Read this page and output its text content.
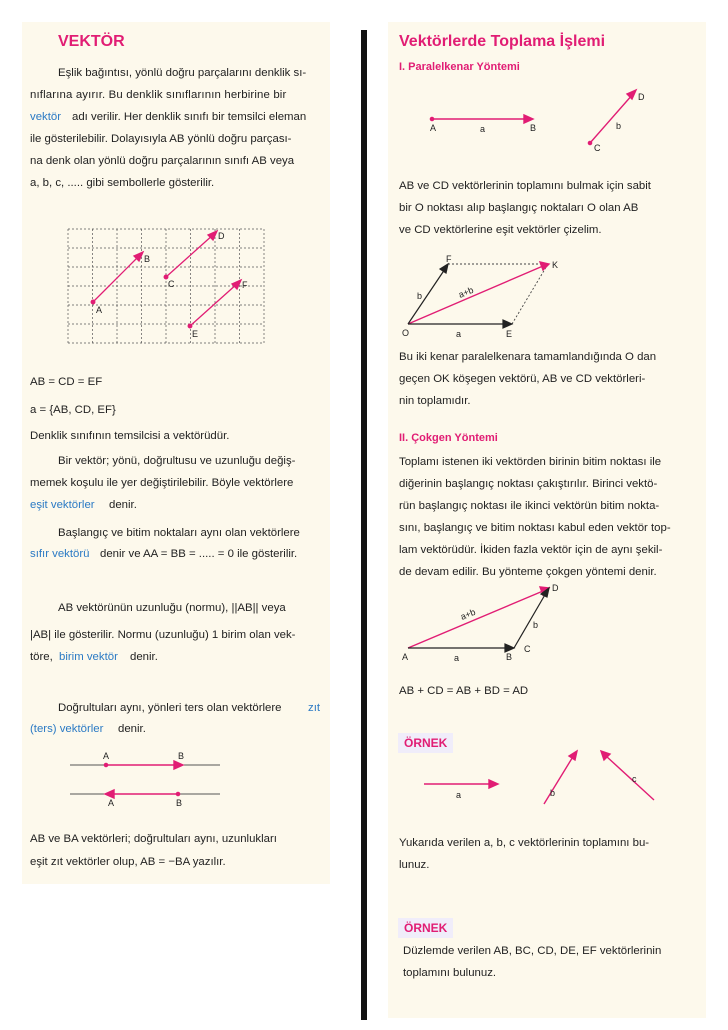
VEKTÖR
Eşlik bağıntısı, yönlü doğru parçalarını denklik sı-
nıflarına ayırır. Bu denklik sınıflarının herbirine bir
vektör adı verilir. Her denklik sınıfı bir temsilci eleman
ile gösterilebilir. Dolayısıyla AB yönlü doğru parçası-
na denk olan yönlü doğru parçalarının sınıfı AB veya
a, b, c, ..... gibi sembollerle gösterilir.
A
B
C
D
E
F
AB = CD = EF
a = {AB, CD, EF}
Denklik sınıfının temsilcisi a vektörüdür.
Bir vektör; yönü, doğrultusu ve uzunluğu değiş-
memek koşulu ile yer değiştirilebilir. Böyle vektörlere
eşit vektörler denir.
Başlangıç ve bitim noktaları aynı olan vektörlere
sıfır vektörü denir ve AA = BB = ..... = 0 ile gösterilir.
AB vektörünün uzunluğu (normu), ||AB|| veya
|AB| ile gösterilir. Normu (uzunluğu) 1 birim olan vek-
töre, birim vektör denir.
Doğrultuları aynı, yönleri ters olan vektörlere zıt
(ters) vektörler denir.
A	B
A	B
AB ve BA vektörleri; doğrultuları aynı, uzunlukları
eşit zıt vektörler olup, AB = −BA yazılır.
Vektörlerde Toplama İşlemi
I. Paralelkenar Yöntemi
A	a	B
D
b
C
AB ve CD vektörlerinin toplamını bulmak için sabit
bir O noktası alıp başlangıç noktaları O olan AB
ve CD vektörlerine eşit vektörler çizelim.
F
K
b	a+b
O	a	E
Bu iki kenar paralelkenara tamamlandığında O dan
geçen OK köşegen vektörü, AB ve CD vektörleri-
nin toplamıdır.
II. Çokgen Yöntemi
Toplamı istenen iki vektörden birinin bitim noktası ile
diğerinin başlangıç noktası çakıştırılır. Birinci vektö-
rün başlangıç noktası ile ikinci vektörün bitim nokta-
sını, başlangıç ve bitim noktası kabul eden vektör top-
lam vektörüdür. İkiden fazla vektör için de aynı şekil-
de devam edilir. Bu yönteme çokgen yöntemi denir.
D
a+b
b
A	a	B
C
AB + CD = AB + BD = AD
ÖRNEK
a	b
c
Yukarıda verilen a, b, c vektörlerinin toplamını bu-
lunuz.
ÖRNEK
Düzlemde verilen AB, BC, CD, DE, EF vektörlerinin
toplamını bulunuz.
